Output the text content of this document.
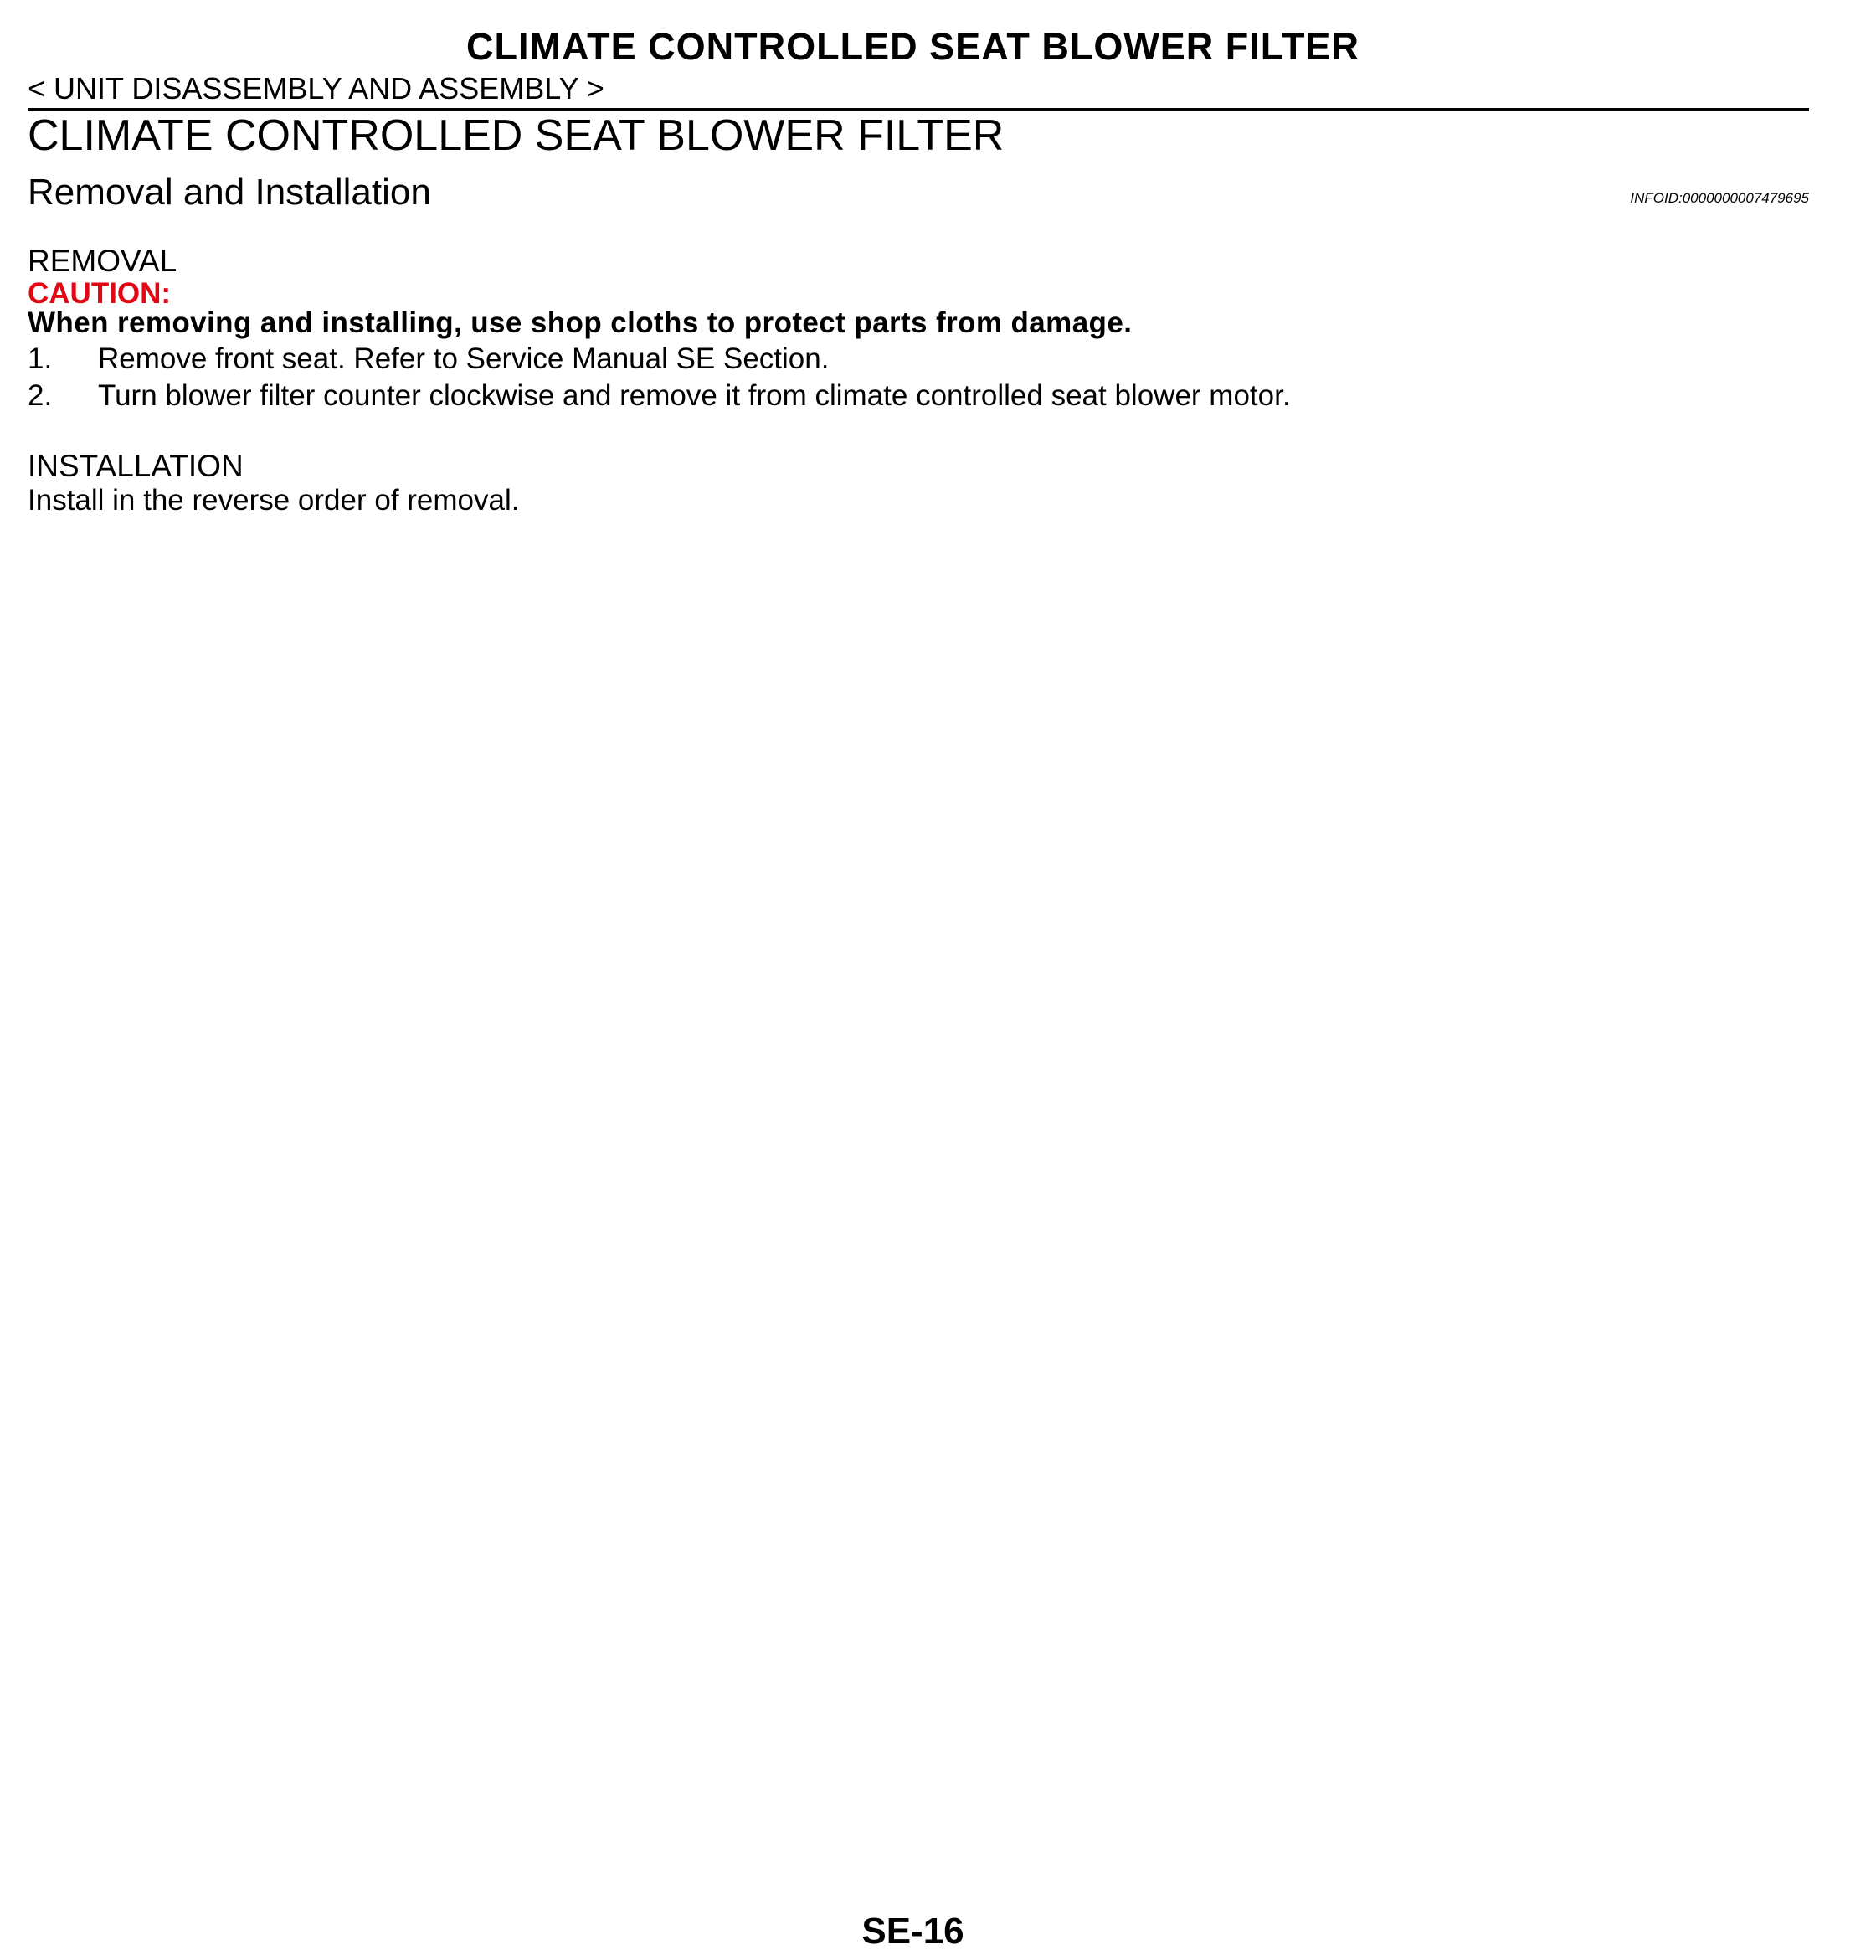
CLIMATE CONTROLLED SEAT BLOWER FILTER
< UNIT DISASSEMBLY AND ASSEMBLY >
CLIMATE CONTROLLED SEAT BLOWER FILTER
Removal and Installation	INFOID:0000000007479695
REMOVAL
CAUTION:
When removing and installing, use shop cloths to protect parts from damage.
1. Remove front seat. Refer to Service Manual SE Section.
2. Turn blower filter counter clockwise and remove it from climate controlled seat blower motor.
INSTALLATION
Install in the reverse order of removal.
SE-16
